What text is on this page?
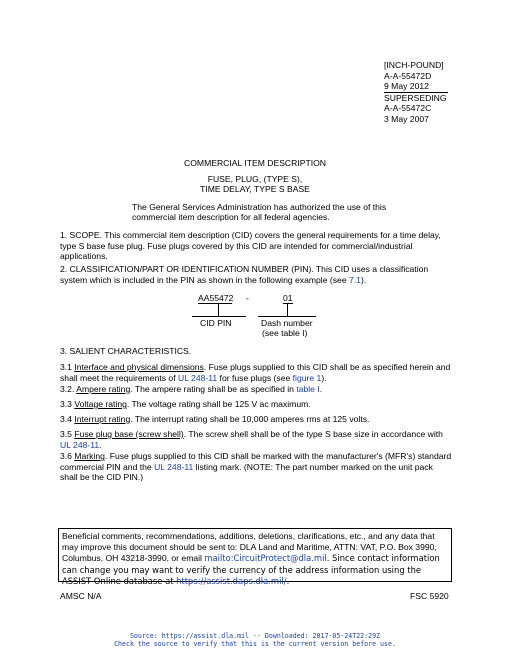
[INCH-POUND]
A-A-55472D
9 May 2012
SUPERSEDING
A-A-55472C
3 May 2007
COMMERCIAL ITEM DESCRIPTION
FUSE, PLUG, (TYPE S),
TIME DELAY, TYPE S BASE
The General Services Administration has authorized the use of this
commercial item description for all federal agencies.
1. SCOPE. This commercial item description (CID) covers the general requirements for a time delay, type S base fuse plug. Fuse plugs covered by this CID are intended for commercial/industrial applications.
2. CLASSIFICATION/PART OR IDENTIFICATION NUMBER (PIN). This CID uses a classification system which is included in the PIN as shown in the following example (see 7.1).
AA55472 -	01
CID PIN	Dash number
(see table I)
3. SALIENT CHARACTERISTICS.
3.1 Interface and physical dimensions. Fuse plugs supplied to this CID shall be as specified herein and shall meet the requirements of UL 248-11 for fuse plugs (see figure 1).
3.2. Ampere rating. The ampere rating shall be as specified in table I.
3.3 Voltage rating. The voltage rating shall be 125 V ac maximum.
3.4 Interrupt rating. The interrupt rating shall be 10,000 amperes rms at 125 volts.
3.5 Fuse plug base (screw shell). The screw shell shall be of the type S base size in accordance with UL 248-11.
3.6 Marking. Fuse plugs supplied to this CID shall be marked with the manufacturer's (MFR's) standard commercial PIN and the UL 248-11 listing mark. (NOTE: The part number marked on the unit pack shall be the CID PIN.)
Beneficial comments, recommendations, additions, deletions, clarifications, etc., and any data that may improve this document should be sent to: DLA Land and Maritime, ATTN: VAT, P.O. Box 3990, Columbus, OH 43218-3990, or email mailto:CircuitProtect@dla.mil. Since contact information can change you may want to verify the currency of the address information using the ASSIST Online database at https://assist.daps.dla.mil/.
AMSC N/A	FSC 5920
Source: https://assist.dla.mil -- Downloaded: 2017-05-24T22:29Z
Check the source to verify that this is the current version before use.
